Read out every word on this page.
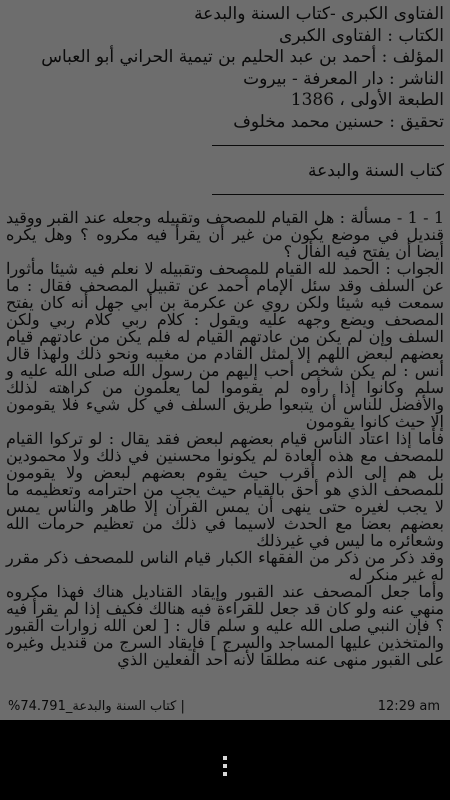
الفتاوى الكبرى -كتاب السنة والبدعة
الكتاب : الفتاوى الكبرى
المؤلف : أحمد بن عبد الحليم بن تيمية الحراني أبو العباس
الناشر : دار المعرفة - بيروت
الطبعة الأولى ، 1386
تحقيق : حسنين محمد مخلوف
كتاب السنة والبدعة

1 - 1 - مسألة : هل القيام للمصحف وتقبيله وجعله عند القبر ووقيد قنديل في موضع يكون من غير أن يقرأ فيه مكروه ؟ وهل يكره أيضا أن يفتح فيه الفأل ؟

الجواب : الحمد لله القيام للمصحف وتقبيله لا نعلم فيه شيئا مأثورا عن السلف وقد سئل الإمام أحمد عن تقبيل المصحف فقال : ما سمعت فيه شيئا ولكن روي عن عكرمة بن أبي جهل أنه كان يفتح المصحف ويضع وجهه عليه ويقول : كلام ربي كلام ربي ولكن السلف وإن لم يكن من عادتهم القيام له فلم يكن من عادتهم قيام بعضهم لبعض اللهم إلا لمثل القادم من مغيبه ونحو ذلك ولهذا قال أنس : لم يكن شخص أحب إليهم من رسول الله صلى الله عليه و سلم وكانوا إذا رأوه لم يقوموا لما يعلمون من كراهته لذلك والأفضل للناس أن يتبعوا طريق السلف في كل شيء فلا يقومون إلا حيث كانوا يقومون

فأما إذا اعتاد الناس قيام بعضهم لبعض فقد يقال : لو تركوا القيام للمصحف مع هذه العادة لم يكونوا محسنين في ذلك ولا محمودين بل هم إلى الذم أقرب حيث يقوم بعضهم لبعض ولا يقومون للمصحف الذي هو أحق بالقيام حيث يجب من احترامه وتعظيمه ما لا يجب لغيره حتى ينهى أن يمس القرآن إلا طاهر والناس يمس بعضهم بعضا مع الحدث لاسيما في ذلك من تعظيم حرمات الله وشعائره ما ليس في غيرذلك

وقد ذكر من ذكر من الفقهاء الكبار قيام الناس للمصحف ذكر مقرر له غير منكر له

وأما جعل المصحف عند القبور وإيقاد القناديل هناك فهذا مكروه منهي عنه ولو كان قد جعل للقراءة فيه هنالك فكيف إذا لم يقرأ فيه ؟ فإن النبي صلى الله عليه و سلم قال : [ لعن الله زوارات القبور والمتخذين عليها المساجد والسرج ] فإيقاد السرج من قنديل وغيره على القبور منهى عنه مطلقا لأنه أحد الفعلين الذي

%74.79كتاب السنة والبدعة_1 |	12:29 am
